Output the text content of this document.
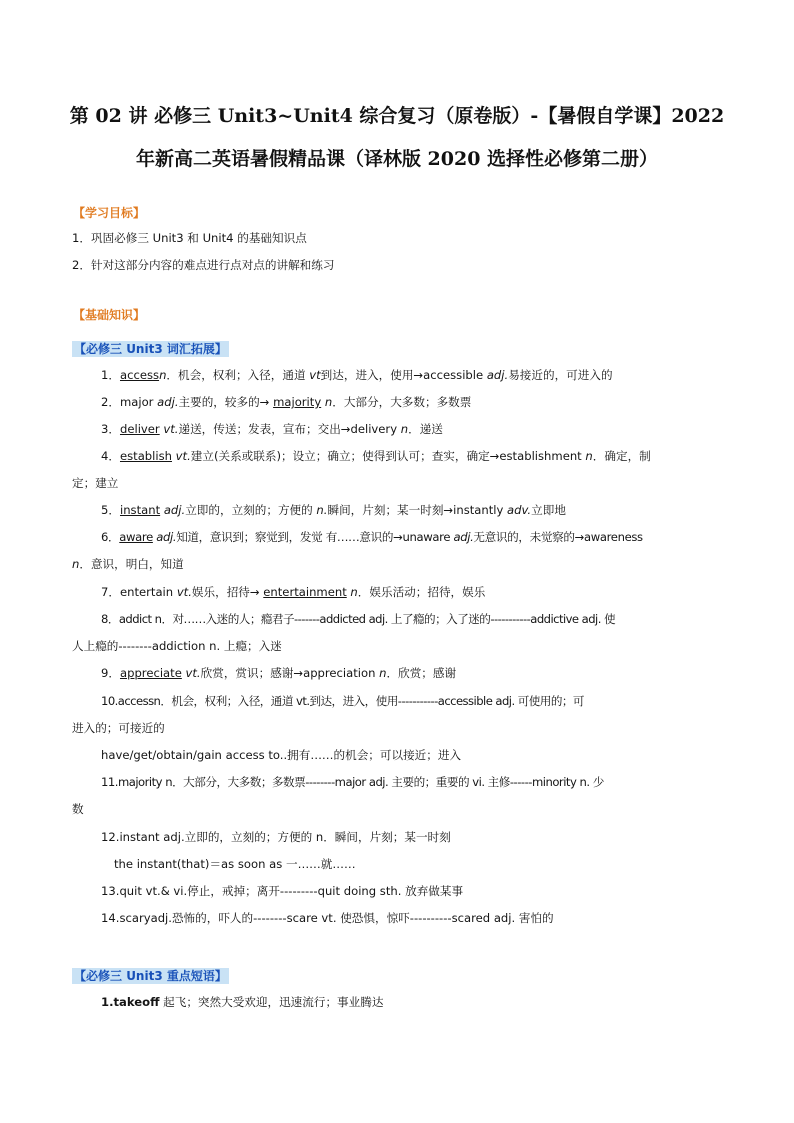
第 02 讲 必修三 Unit3~Unit4 综合复习（原卷版）-【暑假自学课】2022
年新高二英语暑假精品课（译林版 2020 选择性必修第二册）
【学习目标】
1．巩固必修三 Unit3 和 Unit4 的基础知识点
2．针对这部分内容的难点进行点对点的讲解和练习
【基础知识】
【必修三 Unit3 词汇拓展】
1．accessn．机会，权利；入径，通道 vt到达，进入，使用→accessible adj.易接近的，可进入的
2．major adj.主要的，较多的→ majority n．大部分，大多数；多数票
3．deliver vt.递送，传送；发表，宣布；交出→delivery n．递送
4．establish vt.建立(关系或联系)；设立；确立；使得到认可；查实，确定→establishment n．确定，制
定；建立
5．instant adj.立即的，立刻的；方便的 n.瞬间，片刻；某一时刻→instantly adv.立即地
6．aware adj.知道，意识到；察觉到，发觉 有……意识的→unaware adj.无意识的，未觉察的→awareness
n．意识，明白，知道
7．entertain vt.娱乐，招待→ entertainment n．娱乐活动；招待，娱乐
8．addict n．对……入迷的人；瘾君子-------addicted adj. 上了瘾的；入了迷的-----------addictive adj. 使
人上瘾的--------addiction n. 上瘾；入迷
9．appreciate vt.欣赏，赏识；感谢→appreciation n．欣赏；感谢
10.accessn．机会，权利；入径，通道 vt.到达，进入，使用-----------accessible adj. 可使用的；可
进入的；可接近的
have/get/obtain/gain access to..拥有……的机会；可以接近；进入
11.majority n．大部分，大多数；多数票--------major adj. 主要的；重要的 vi. 主修------minority n. 少
数
12.instant adj.立即的，立刻的；方便的 n．瞬间，片刻；某一时刻
the instant(that)＝as soon as 一……就……
13.quit vt.& vi.停止，戒掉；离开---------quit doing sth. 放弃做某事
14.scaryadj.恐怖的，吓人的--------scare vt. 使恐惧，惊吓----------scared adj. 害怕的
【必修三 Unit3 重点短语】
1.takeoff 起飞；突然大受欢迎，迅速流行；事业腾达
